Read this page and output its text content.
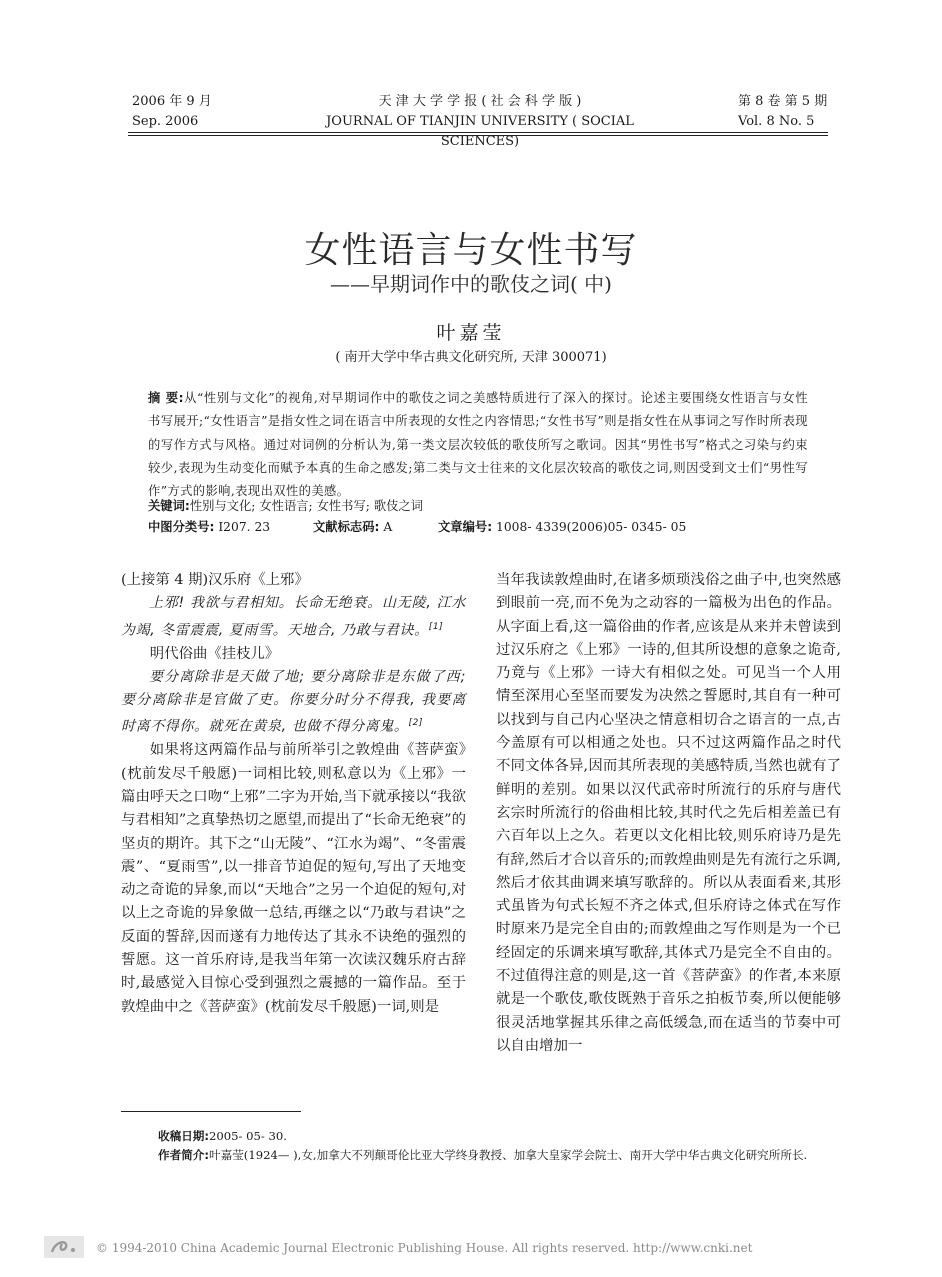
2006 年 9 月
Sep. 2006
天 津 大 学 学 报 ( 社 会 科 学 版 )
JOURNAL OF TIANJIN UNIVERSITY ( SOCIAL SCIENCES)
第 8 卷 第 5 期
Vol. 8 No. 5
女性语言与女性书写
——早期词作中的歌伎之词( 中)
叶嘉莹
( 南开大学中华古典文化研究所, 天津 300071)
摘 要:从“性别与文化”的视角,对早期词作中的歌伎之词之美感特质进行了深入的探讨。论述主要围绕女性语言与女性书写展开;“女性语言”是指女性之词在语言中所表现的女性之内容情思;“女性书写”则是指女性在从事词之写作时所表现的写作方式与风格。通过对词例的分析认为,第一类文层次较低的歌伎所写之歌词。因其“男性书写”格式之习染与约束较少,表现为生动变化而赋予本真的生命之感发;第二类与文士往来的文化层次较高的歌伎之词,则因受到文士们“男性写作”方式的影响,表现出双性的美感。
关键词:性别与文化; 女性语言; 女性书写; 歌伎之词
中图分类号: I207. 23	文献标志码: A	文章编号: 1008- 4339(2006)05- 0345- 05

(上接第 4 期)汉乐府《上邪》

上邪! 我欲与君相知。长命无绝衰。山无陵, 江水为竭, 冬雷震震, 夏雨雪。天地合, 乃敢与君诀。[1]

明代俗曲《挂枝儿》

要分离除非是天做了地; 要分离除非是东做了西; 要分离除非是官做了吏。你要分时分不得我, 我要离时离不得你。就死在黄泉, 也做不得分离鬼。[2]

如果将这两篇作品与前所举引之敦煌曲《菩萨蛮》(枕前发尽千般愿)一词相比较,则私意以为《上邪》一篇由呼天之口吻“上邪”二字为开始,当下就承接以“我欲与君相知”之真挚热切之愿望,而提出了“长命无绝衰”的坚贞的期许。其下之“山无陵”、“江水为竭”、“冬雷震震”、“夏雨雪”,以一排音节迫促的短句,写出了天地变动之奇诡的异象,而以“天地合”之另一个迫促的短句,对以上之奇诡的异象做一总结,再继之以“乃敢与君诀”之反面的誓辞,因而遂有力地传达了其永不诀绝的强烈的誓愿。这一首乐府诗,是我当年第一次读汉魏乐府古辞时,最感觉入目惊心受到强烈之震撼的一篇作品。至于敦煌曲中之《菩萨蛮》(枕前发尽千般愿)一词,则是

当年我读敦煌曲时,在诸多烦琐浅俗之曲子中,也突然感到眼前一亮,而不免为之动容的一篇极为出色的作品。从字面上看,这一篇俗曲的作者,应该是从来并未曾读到过汉乐府之《上邪》一诗的,但其所设想的意象之诡奇,乃竟与《上邪》一诗大有相似之处。可见当一个人用情至深用心至坚而要发为决然之誓愿时,其自有一种可以找到与自己内心坚决之情意相切合之语言的一点,古今盖原有可以相通之处也。只不过这两篇作品之时代不同文体各异,因而其所表现的美感特质,当然也就有了鲜明的差别。如果以汉代武帝时所流行的乐府与唐代玄宗时所流行的俗曲相比较,其时代之先后相差盖已有六百年以上之久。若更以文化相比较,则乐府诗乃是先有辞,然后才合以音乐的;而敦煌曲则是先有流行之乐调,然后才依其曲调来填写歌辞的。所以从表面看来,其形式虽皆为句式长短不齐之体式,但乐府诗之体式在写作时原来乃是完全自由的;而敦煌曲之写作则是为一个已经固定的乐调来填写歌辞,其体式乃是完全不自由的。不过值得注意的则是,这一首《菩萨蛮》的作者,本来原就是一个歌伎,歌伎既熟于音乐之拍板节奏,所以便能够很灵活地掌握其乐律之高低缓急,而在适当的节奏中可以自由增加一

收稿日期:2005- 05- 30.
作者简介:叶嘉莹(1924— ),女,加拿大不列颠哥伦比亚大学终身教授、加拿大皇家学会院士、南开大学中华古典文化研究所所长.
© 1994-2010 China Academic Journal Electronic Publishing House. All rights reserved. http://www.cnki.net
